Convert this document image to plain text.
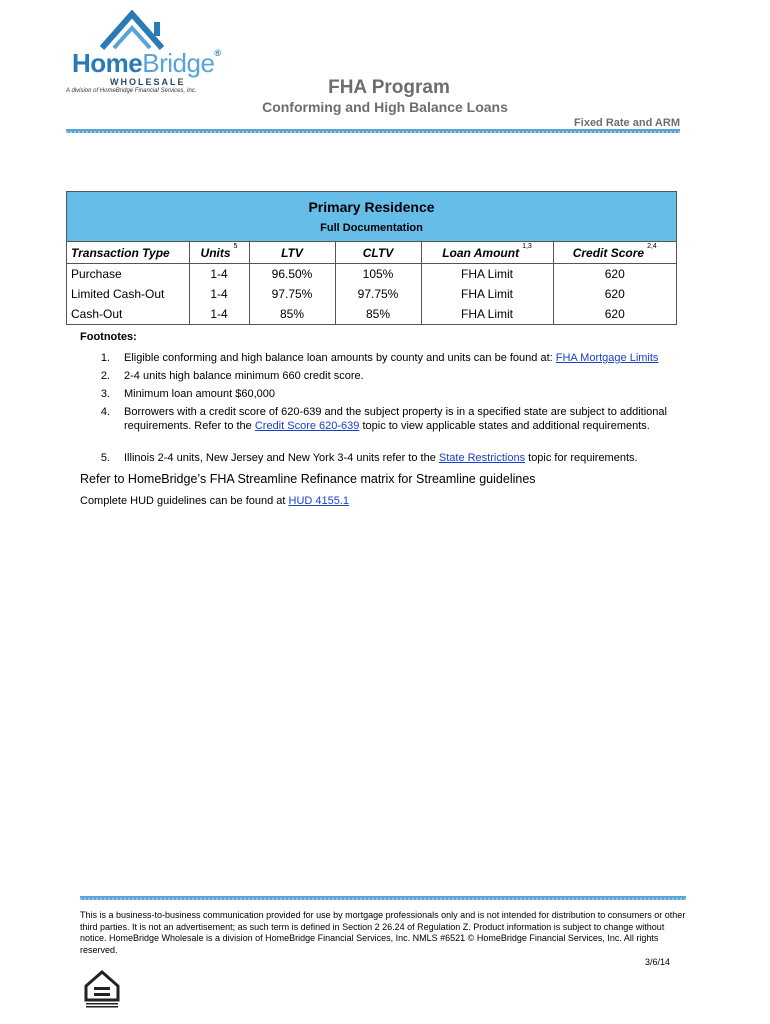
HomeBridge®
WHOLESALE
A division of HomeBridge Financial Services, Inc.	FHA Program
Conforming and High Balance Loans
Fixed Rate and ARM
Primary Residence
Full Documentation
Transaction Type	Units $^5$	LTV	CLTV	Loan Amount $^{1,3}$	Credit Score $^{2,4}$
Purchase	1-4	96.50%	105%	FHA Limit	620
Limited Cash-Out	1-4	97.75%	97.75%	FHA Limit	620
Cash-Out	1-4	85%	85%	FHA Limit	620
Footnotes:
1. Eligible conforming and high balance loan amounts by county and units can be found at: FHA Mortgage Limits
2. 2-4 units high balance minimum 660 credit score.
3. Minimum loan amount $60,000
4. Borrowers with a credit score of 620-639 and the subject property is in a specified state are subject to additional requirements. Refer to the Credit Score 620-639 topic to view applicable states and additional requirements.
5. Illinois 2-4 units, New Jersey and New York 3-4 units refer to the State Restrictions topic for requirements.
Refer to HomeBridge’s FHA Streamline Refinance matrix for Streamline guidelines
Complete HUD guidelines can be found at HUD 4155.1
This is a business-to-business communication provided for use by mortgage professionals only and is not intended for distribution to consumers or other third parties. It is not an advertisement; as such term is defined in Section 2 26.24 of Regulation Z. Product information is subject to change without notice. HomeBridge Wholesale is a division of HomeBridge Financial Services, Inc. NMLS #6521 © HomeBridge Financial Services, Inc. All rights reserved.
3/6/14
